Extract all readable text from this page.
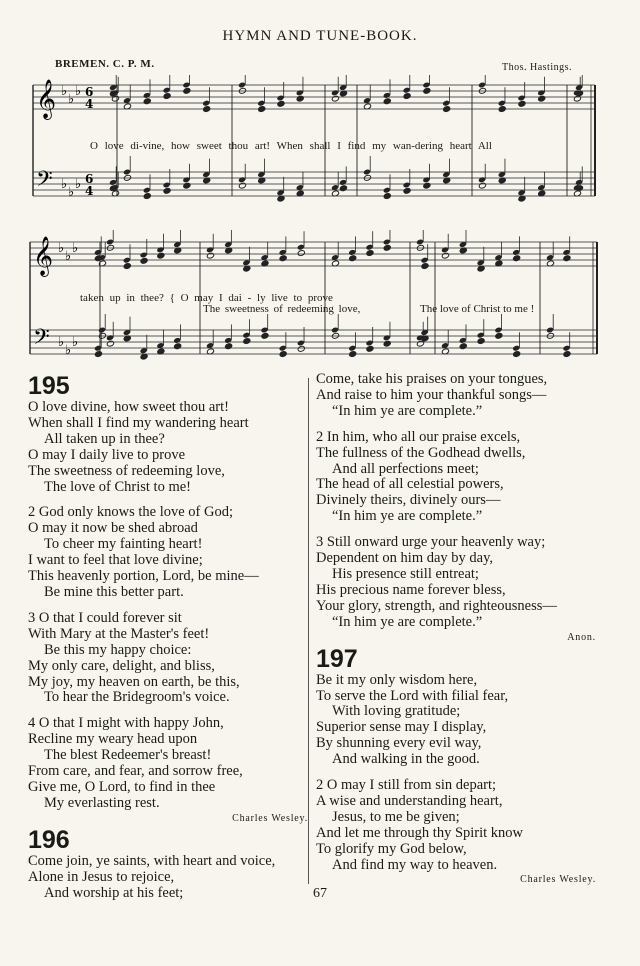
HYMN AND TUNE-BOOK.
BREMEN. C. P. M.	Thos. Hastings.
𝄞
𝄢
♭
♭
♭
♭
♭
♭
6
4
6
4
O love di-vine, how sweet thou art! When shall I find my wan-dering heart All
𝄞
𝄢
♭
♭
♭
♭
♭
♭
taken up in thee? { O may I dai - ly live to prove
The sweetness of redeeming love,	The love of Christ to me !
195
O love divine, how sweet thou art!
When shall I find my wandering heart
All taken up in thee?
O may I daily live to prove
The sweetness of redeeming love,
The love of Christ to me!
2 God only knows the love of God;
O may it now be shed abroad
To cheer my fainting heart!
I want to feel that love divine;
This heavenly portion, Lord, be mine—
Be mine this better part.
3 O that I could forever sit
With Mary at the Master's feet!
Be this my happy choice:
My only care, delight, and bliss,
My joy, my heaven on earth, be this,
To hear the Bridegroom's voice.
4 O that I might with happy John,
Recline my weary head upon
The blest Redeemer's breast!
From care, and fear, and sorrow free,
Give me, O Lord, to find in thee
My everlasting rest.
Charles Wesley.
196
Come join, ye saints, with heart and voice,
Alone in Jesus to rejoice,
And worship at his feet;
Come, take his praises on your tongues,
And raise to him your thankful songs—
“In him ye are complete.”
2 In him, who all our praise excels,
The fullness of the Godhead dwells,
And all perfections meet;
The head of all celestial powers,
Divinely theirs, divinely ours—
“In him ye are complete.”
3 Still onward urge your heavenly way;
Dependent on him day by day,
His presence still entreat;
His precious name forever bless,
Your glory, strength, and righteousness—
“In him ye are complete.”
Anon.
197
Be it my only wisdom here,
To serve the Lord with filial fear,
With loving gratitude;
Superior sense may I display,
By shunning every evil way,
And walking in the good.
2 O may I still from sin depart;
A wise and understanding heart,
Jesus, to me be given;
And let me through thy Spirit know
To glorify my God below,
And find my way to heaven.
Charles Wesley.
67
